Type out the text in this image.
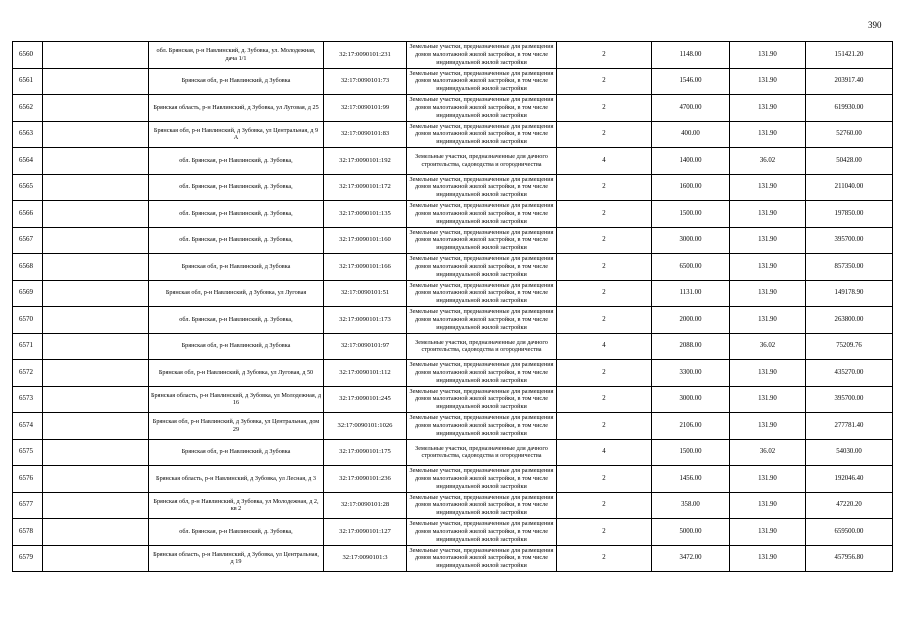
390
6560		обл. Брянская, р-н Навлинский, д. Зубовка, ул. Молодежная, дача 1/1	32:17:0090101:231	Земельные участки, предназначенные для размещения домов малоэтажной жилой застройки, в том числе индивидуальной жилой застройки	2	1148.00	131.90	151421.20
6561		Брянская обл, р-н Навлинский, д Зубовка	32:17:0090101:73	Земельные участки, предназначенные для размещения домов малоэтажной жилой застройки, в том числе индивидуальной жилой застройки	2	1546.00	131.90	203917.40
6562		Брянская область, р-н Навлинский, д Зубовка, ул Луговая, д 25	32:17:0090101:99	Земельные участки, предназначенные для размещения домов малоэтажной жилой застройки, в том числе индивидуальной жилой застройки	2	4700.00	131.90	619930.00
6563		Брянская обл, р-н Навлинский, д Зубовка, ул Центральная, д 9 А	32:17:0090101:83	Земельные участки, предназначенные для размещения домов малоэтажной жилой застройки, в том числе индивидуальной жилой застройки	2	400.00	131.90	52760.00
6564		обл. Брянская, р-н Навлинский, д. Зубовка,	32:17:0090101:192	Земельные участки, предназначенные для дачного строительства, садоводства и огородничества	4	1400.00	36.02	50428.00
6565		обл. Брянская, р-н Навлинский, д. Зубовка,	32:17:0090101:172	Земельные участки, предназначенные для размещения домов малоэтажной жилой застройки, в том числе индивидуальной жилой застройки	2	1600.00	131.90	211040.00
6566		обл. Брянская, р-н Навлинский, д. Зубовка,	32:17:0090101:135	Земельные участки, предназначенные для размещения домов малоэтажной жилой застройки, в том числе индивидуальной жилой застройки	2	1500.00	131.90	197850.00
6567		обл. Брянская, р-н Навлинский, д. Зубовка,	32:17:0090101:160	Земельные участки, предназначенные для размещения домов малоэтажной жилой застройки, в том числе индивидуальной жилой застройки	2	3000.00	131.90	395700.00
6568		Брянская обл, р-н Навлинский, д Зубовка	32:17:0090101:166	Земельные участки, предназначенные для размещения домов малоэтажной жилой застройки, в том числе индивидуальной жилой застройки	2	6500.00	131.90	857350.00
6569		Брянская обл, р-н Навлинский, д Зубовка, ул Луговая	32:17:0090101:51	Земельные участки, предназначенные для размещения домов малоэтажной жилой застройки, в том числе индивидуальной жилой застройки	2	1131.00	131.90	149178.90
6570		обл. Брянская, р-н Навлинский, д. Зубовка,	32:17:0090101:173	Земельные участки, предназначенные для размещения домов малоэтажной жилой застройки, в том числе индивидуальной жилой застройки	2	2000.00	131.90	263800.00
6571		Брянская обл, р-н Навлинский, д Зубовка	32:17:0090101:97	Земельные участки, предназначенные для дачного строительства, садоводства и огородничества	4	2088.00	36.02	75209.76
6572		Брянская обл, р-н Навлинский, д Зубовка, ул Луговая, д 50	32:17:0090101:112	Земельные участки, предназначенные для размещения домов малоэтажной жилой застройки, в том числе индивидуальной жилой застройки	2	3300.00	131.90	435270.00
6573		Брянская область, р-н Навлинский, д Зубовка, ул Молодежная, д 16	32:17:0090101:245	Земельные участки, предназначенные для размещения домов малоэтажной жилой застройки, в том числе индивидуальной жилой застройки	2	3000.00	131.90	395700.00
6574		Брянская обл, р-н Навлинский, д Зубовка, ул Центральная, дом 29	32:17:0090101:1026	Земельные участки, предназначенные для размещения домов малоэтажной жилой застройки, в том числе индивидуальной жилой застройки	2	2106.00	131.90	277781.40
6575		Брянская обл, р-н Навлинский, д Зубовка	32:17:0090101:175	Земельные участки, предназначенные для дачного строительства, садоводства и огородничества	4	1500.00	36.02	54030.00
6576		Брянская область, р-н Навлинский, д Зубовка, ул Лесная, д 3	32:17:0090101:236	Земельные участки, предназначенные для размещения домов малоэтажной жилой застройки, в том числе индивидуальной жилой застройки	2	1456.00	131.90	192046.40
6577		Брянская обл, р-н Навлинский, д Зубовка, ул Молодежная, д 2, кв 2	32:17:0090101:28	Земельные участки, предназначенные для размещения домов малоэтажной жилой застройки, в том числе индивидуальной жилой застройки	2	358.00	131.90	47220.20
6578		обл. Брянская, р-н Навлинский, д. Зубовка,	32:17:0090101:127	Земельные участки, предназначенные для размещения домов малоэтажной жилой застройки, в том числе индивидуальной жилой застройки	2	5000.00	131.90	659500.00
6579		Брянская область, р-н Навлинский, д Зубовка, ул Центральная, д 19	32:17:0090101:3	Земельные участки, предназначенные для размещения домов малоэтажной жилой застройки, в том числе индивидуальной жилой застройки	2	3472.00	131.90	457956.80
